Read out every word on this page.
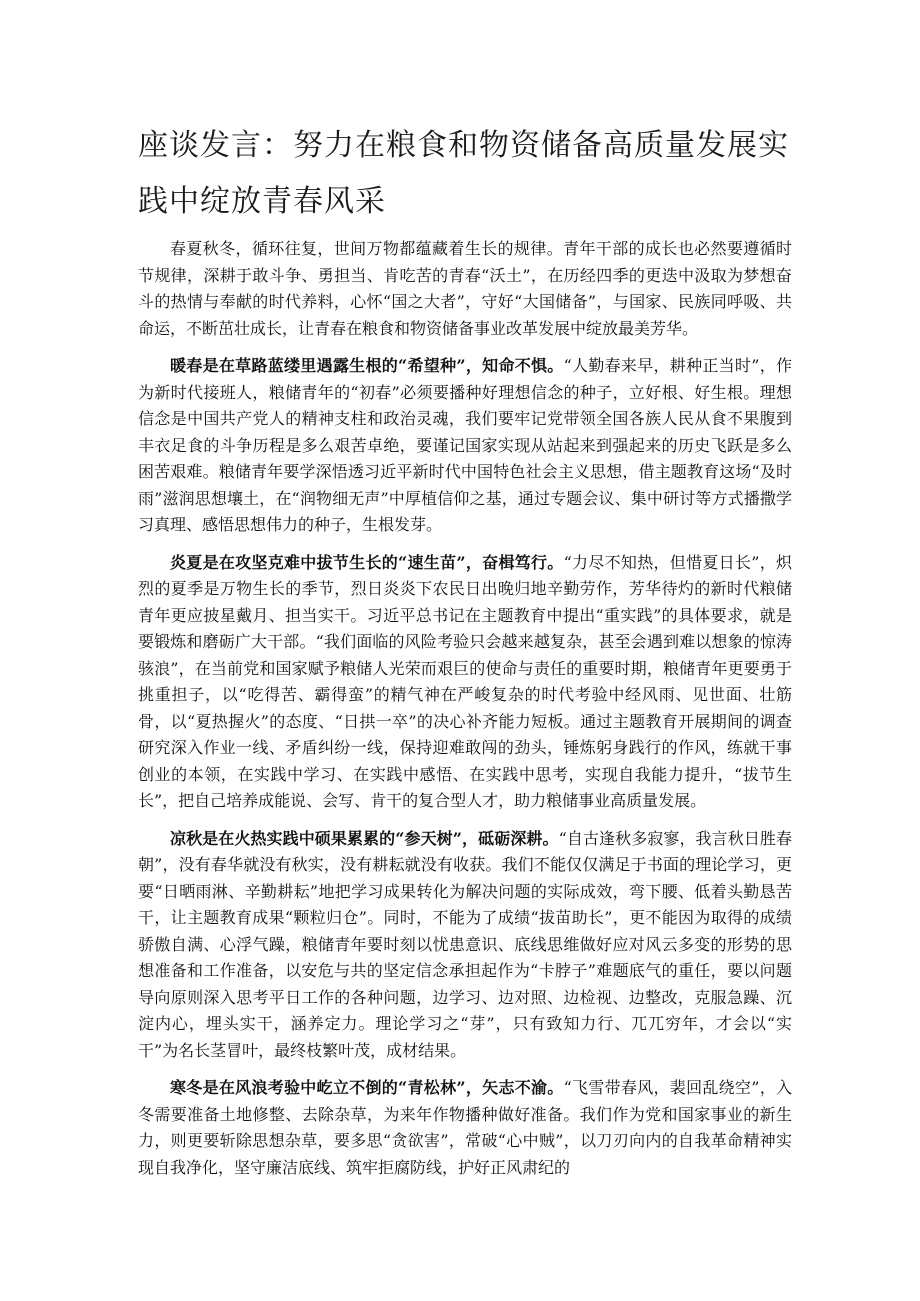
座谈发言：努力在粮食和物资储备高质量发展实践中绽放青春风采

春夏秋冬，循环往复，世间万物都蕴藏着生长的规律。青年干部的成长也必然要遵循时节规律，深耕于敢斗争、勇担当、肯吃苦的青春“沃土”，在历经四季的更迭中汲取为梦想奋斗的热情与奉献的时代养料，心怀“国之大者”，守好“大国储备”，与国家、民族同呼吸、共命运，不断茁壮成长，让青春在粮食和物资储备事业改革发展中绽放最美芳华。

暖春是在草路蓝缕里遇露生根的“希望种”，知命不惧。“人勤春来早，耕种正当时”，作为新时代接班人，粮储青年的“初春”必须要播种好理想信念的种子，立好根、好生根。理想信念是中国共产党人的精神支柱和政治灵魂，我们要牢记党带领全国各族人民从食不果腹到丰衣足食的斗争历程是多么艰苦卓绝，要谨记国家实现从站起来到强起来的历史飞跃是多么困苦艰难。粮储青年要学深悟透习近平新时代中国特色社会主义思想，借主题教育这场“及时雨”滋润思想壤土，在“润物细无声”中厚植信仰之基，通过专题会议、集中研讨等方式播撒学习真理、感悟思想伟力的种子，生根发芽。

炎夏是在攻坚克难中拔节生长的“速生苗”，奋楫笃行。“力尽不知热，但惜夏日长”，炽烈的夏季是万物生长的季节，烈日炎炎下农民日出晚归地辛勤劳作，芳华待灼的新时代粮储青年更应披星戴月、担当实干。习近平总书记在主题教育中提出“重实践”的具体要求，就是要锻炼和磨砺广大干部。“我们面临的风险考验只会越来越复杂，甚至会遇到难以想象的惊涛骇浪”，在当前党和国家赋予粮储人光荣而艰巨的使命与责任的重要时期，粮储青年更要勇于挑重担子，以“吃得苦、霸得蛮”的精气神在严峻复杂的时代考验中经风雨、见世面、壮筋骨，以“夏热握火”的态度、“日拱一卒”的决心补齐能力短板。通过主题教育开展期间的调查研究深入作业一线、矛盾纠纷一线，保持迎难敢闯的劲头，锤炼躬身践行的作风，练就干事创业的本领，在实践中学习、在实践中感悟、在实践中思考，实现自我能力提升，“拔节生长”，把自己培养成能说、会写、肯干的复合型人才，助力粮储事业高质量发展。

凉秋是在火热实践中硕果累累的“参天树”，砥砺深耕。“自古逢秋多寂寥，我言秋日胜春朝”，没有春华就没有秋实，没有耕耘就没有收获。我们不能仅仅满足于书面的理论学习，更要“日晒雨淋、辛勤耕耘”地把学习成果转化为解决问题的实际成效，弯下腰、低着头勤恳苦干，让主题教育成果“颗粒归仓”。同时，不能为了成绩“拔苗助长”，更不能因为取得的成绩骄傲自满、心浮气躁，粮储青年要时刻以忧患意识、底线思维做好应对风云多变的形势的思想准备和工作准备，以安危与共的坚定信念承担起作为“卡脖子”难题底气的重任，要以问题导向原则深入思考平日工作的各种问题，边学习、边对照、边检视、边整改，克服急躁、沉淀内心，埋头实干，涵养定力。理论学习之“芽”，只有致知力行、兀兀穷年，才会以“实干”为名长茎冒叶，最终枝繁叶茂，成材结果。

寒冬是在风浪考验中屹立不倒的“青松林”，矢志不渝。“飞雪带春风，裴回乱绕空”，入冬需要准备土地修整、去除杂草，为来年作物播种做好准备。我们作为党和国家事业的新生力，则更要斩除思想杂草，要多思“贪欲害”，常破“心中贼”，以刀刃向内的自我革命精神实现自我净化，坚守廉洁底线、筑牢拒腐防线，护好正风肃纪的
